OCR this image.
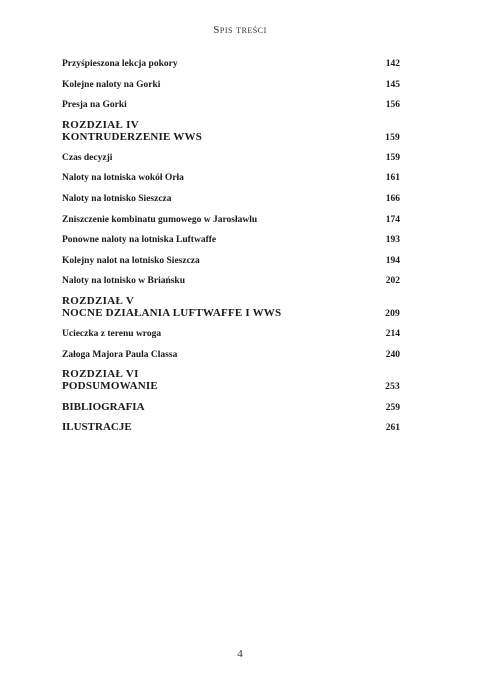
Spis treści
Przyśpieszona lekcja pokory	142
Kolejne naloty na Gorki	145
Presja na Gorki	156
ROZDZIAŁ IV
KONTRUDERZENIE WWS	159
Czas decyzji	159
Naloty na lotniska wokół Orła	161
Naloty na lotnisko Sieszcza	166
Zniszczenie kombinatu gumowego w Jarosławlu	174
Ponowne naloty na lotniska Luftwaffe	193
Kolejny nalot na lotnisko Sieszcza	194
Naloty na lotnisko w Briańsku	202
ROZDZIAŁ V
NOCNE DZIAŁANIA LUFTWAFFE I WWS	209
Ucieczka z terenu wroga	214
Załoga Majora Paula Classa	240
ROZDZIAŁ VI
PODSUMOWANIE	253
BIBLIOGRAFIA	259
ILUSTRACJE	261
4
